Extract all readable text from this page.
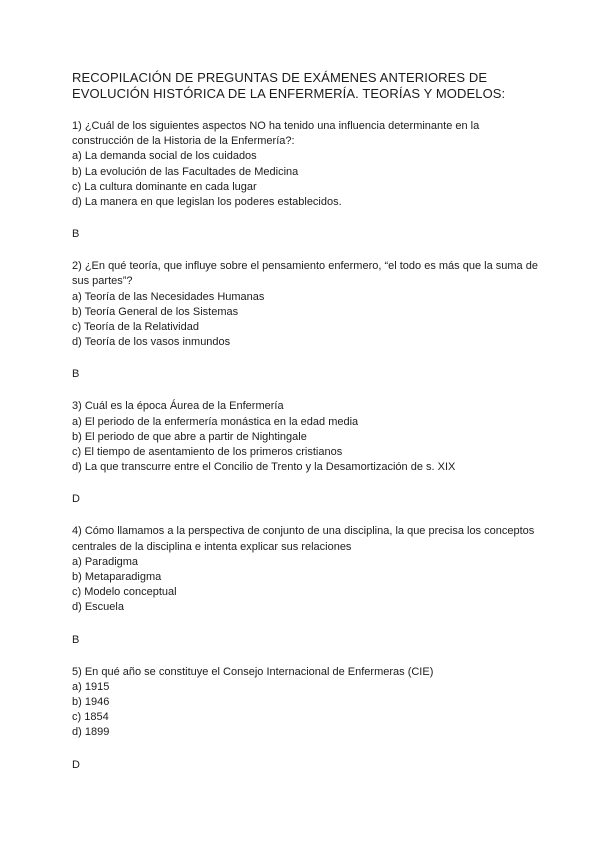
RECOPILACIÓN DE PREGUNTAS DE EXÁMENES ANTERIORES DE EVOLUCIÓN HISTÓRICA DE LA ENFERMERÍA. TEORÍAS Y MODELOS:

1) ¿Cuál de los siguientes aspectos NO ha tenido una influencia determinante en la construcción de la Historia de la Enfermería?:

a) La demanda social de los cuidados

b) La evolución de las Facultades de Medicina

c) La cultura dominante en cada lugar

d) La manera en que legislan los poderes establecidos.

B

2) ¿En qué teoría, que influye sobre el pensamiento enfermero, “el todo es más que la suma de sus partes”?

a) Teoría de las Necesidades Humanas

b) Teoría General de los Sistemas

c) Teoría de la Relatividad

d) Teoría de los vasos inmundos

B

3) Cuál es la época Áurea de la Enfermería

a) El periodo de la enfermería monástica en la edad media

b) El periodo de que abre a partir de Nightingale

c) El tiempo de asentamiento de los primeros cristianos

d) La que transcurre entre el Concilio de Trento y la Desamortización de s. XIX

D

4) Cómo llamamos a la perspectiva de conjunto de una disciplina, la que precisa los conceptos centrales de la disciplina e intenta explicar sus relaciones

a) Paradigma

b) Metaparadigma

c) Modelo conceptual

d) Escuela

B

5) En qué año se constituye el Consejo Internacional de Enfermeras (CIE)

a) 1915

b) 1946

c) 1854

d) 1899

D
